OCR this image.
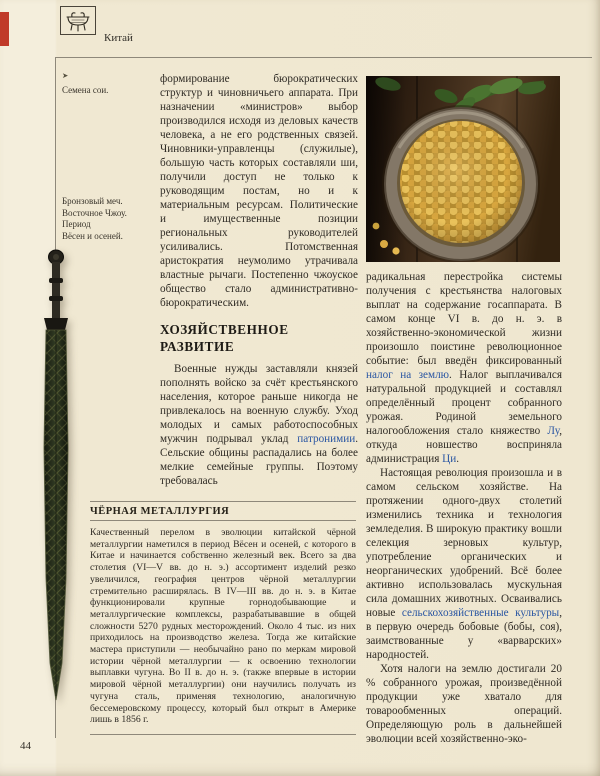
Китай
➤
Семена сои.
Бронзовый меч.
Восточное Чжоу.
Период
Вёсен и осеней.

формирование бюрократических структур и чиновничьего аппарата. При назначении «министров» выбор производился исходя из деловых качеств человека, а не его родственных связей. Чиновники-управленцы (служилые), большую часть которых составляли ши, получили доступ не только к руководящим постам, но и к материальным ресурсам. Политические и имущественные позиции региональных руководителей усиливались. Потомственная аристократия неумолимо утрачивала властные рычаги. Постепенно чжоуское общество стало административно-бюрократическим.

ХОЗЯЙСТВЕННОЕ РАЗВИТИЕ

Военные нужды заставляли князей пополнять войско за счёт крестьянского населения, которое раньше никогда не привлекалось на военную службу. Уход молодых и самых работоспособных мужчин подрывал уклад патронимии. Сельские общины распадались на более мелкие семейные группы. Поэтому требовалась

ЧЁРНАЯ МЕТАЛЛУРГИЯ

Качественный перелом в эволюции китайской чёрной металлургии наметился в период Вёсен и осеней, с которого в Китае и начинается собственно железный век. Всего за два столетия (VI—V вв. до н. э.) ассортимент изделий резко увеличился, география центров чёрной металлургии стремительно расширялась. В IV—III вв. до н. э. в Китае функционировали крупные горнодобывающие и металлургические комплексы, разрабатывавшие в общей сложности 5270 рудных месторождений. Около 4 тыс. из них приходилось на производство железа. Тогда же китайские мастера приступили — необычайно рано по меркам мировой истории чёрной металлургии — к освоению технологии выплавки чугуна. Во II в. до н. э. (также впервые в истории мировой чёрной металлургии) они научились получать из чугуна сталь, применяя технологию, аналогичную бессемеровскому процессу, который был открыт в Америке лишь в 1856 г.

радикальная перестройка системы получения с крестьянства налоговых выплат на содержание госаппарата. В самом конце VI в. до н. э. в хозяйственно-экономической жизни произошло поистине революционное событие: был введён фиксированный налог на землю. Налог выплачивался натуральной продукцией и составлял определённый процент собранного урожая. Родиной земельного налогообложения стало княжество Лу, откуда новшество восприняла администрация Ци.

Настоящая революция произошла и в самом сельском хозяйстве. На протяжении одного-двух столетий изменились техника и технология земледелия. В широкую практику вошли селекция зерновых культур, употребление органических и неорганических удобрений. Всё более активно использовалась мускульная сила домашних животных. Осваивались новые сельскохозяйственные культуры, в первую очередь бобовые (бобы, соя), заимствованные у «варварских» народностей.

Хотя налоги на землю достигали 20 % собранного урожая, произведённой продукции уже хватало для товарообменных операций. Определяющую роль в дальнейшей эволюции всей хозяйственно-эко-

44
